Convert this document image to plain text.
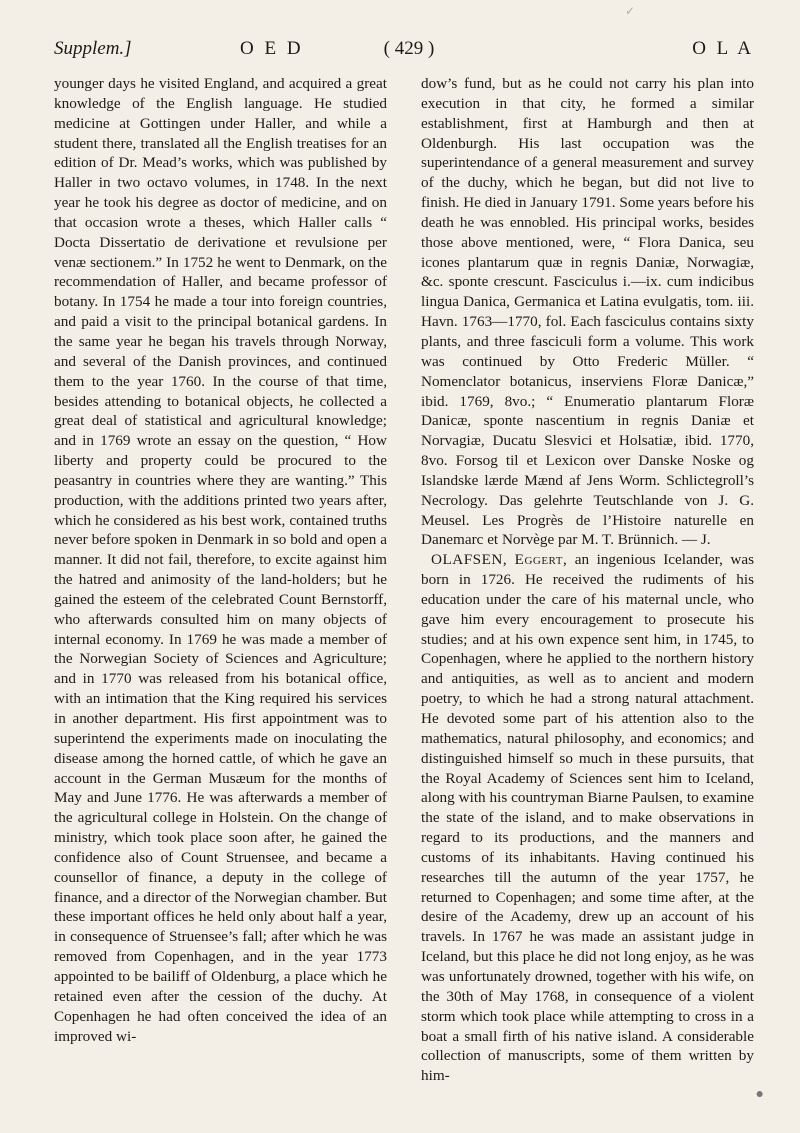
✓
Supplem.]	O E D	( 429 )	O L A

younger days he visited England, and acquired a great knowledge of the English language. He studied medicine at Gottingen under Haller, and while a student there, translated all the English treatises for an edition of Dr. Mead’s works, which was published by Haller in two octavo volumes, in 1748. In the next year he took his degree as doctor of medicine, and on that occasion wrote a theses, which Haller calls “ Docta Dissertatio de derivatione et revulsione per venæ sectionem.” In 1752 he went to Denmark, on the recommendation of Haller, and became professor of botany. In 1754 he made a tour into foreign countries, and paid a visit to the principal botanical gardens. In the same year he began his travels through Norway, and several of the Danish provinces, and continued them to the year 1760. In the course of that time, besides attending to botanical objects, he collected a great deal of statistical and agricultural knowledge; and in 1769 wrote an essay on the question, “ How liberty and property could be procured to the peasantry in countries where they are wanting.” This production, with the additions printed two years after, which he considered as his best work, contained truths never before spoken in Denmark in so bold and open a manner. It did not fail, therefore, to excite against him the hatred and animosity of the land-holders; but he gained the esteem of the celebrated Count Bernstorff, who afterwards consulted him on many objects of internal economy. In 1769 he was made a member of the Norwegian Society of Sciences and Agriculture; and in 1770 was released from his botanical office, with an intimation that the King required his services in another department. His first appointment was to superintend the experiments made on inoculating the disease among the horned cattle, of which he gave an account in the German Musæum for the months of May and June 1776. He was afterwards a member of the agricultural college in Holstein. On the change of ministry, which took place soon after, he gained the confidence also of Count Struensee, and became a counsellor of finance, a deputy in the college of finance, and a director of the Norwegian chamber. But these important offices he held only about half a year, in consequence of Struensee’s fall; after which he was removed from Copenhagen, and in the year 1773 appointed to be bailiff of Oldenburg, a place which he retained even after the cession of the duchy. At Copenhagen he had often conceived the idea of an improved wi-

dow’s fund, but as he could not carry his plan into execution in that city, he formed a similar establishment, first at Hamburgh and then at Oldenburgh. His last occupation was the superintendance of a general measurement and survey of the duchy, which he began, but did not live to finish. He died in January 1791. Some years before his death he was ennobled. His principal works, besides those above mentioned, were, “ Flora Danica, seu icones plantarum quæ in regnis Daniæ, Norwagiæ, &c. sponte crescunt. Fasciculus i.—ix. cum indicibus lingua Danica, Germanica et Latina evulgatis, tom. iii. Havn. 1763—1770, fol. Each fasciculus contains sixty plants, and three fasciculi form a volume. This work was continued by Otto Frederic Müller. “ Nomenclator botanicus, inserviens Floræ Danicæ,” ibid. 1769, 8vo.; “ Enumeratio plantarum Floræ Danicæ, sponte nascentium in regnis Daniæ et Norvagiæ, Ducatu Slesvici et Holsatiæ, ibid. 1770, 8vo. Forsog til et Lexicon over Danske Noske og Islandske lærde Mænd af Jens Worm. Schlictegroll’s Necrology. Das gelehrte Teutschlande von J. G. Meusel. Les Progrès de l’Histoire naturelle en Danemarc et Norvège par M. T. Brünnich. — J.

OLAFSEN, Eggert, an ingenious Icelander, was born in 1726. He received the rudiments of his education under the care of his maternal uncle, who gave him every encouragement to prosecute his studies; and at his own expence sent him, in 1745, to Copenhagen, where he applied to the northern history and antiquities, as well as to ancient and modern poetry, to which he had a strong natural attachment. He devoted some part of his attention also to the mathematics, natural philosophy, and economics; and distinguished himself so much in these pursuits, that the Royal Academy of Sciences sent him to Iceland, along with his countryman Biarne Paulsen, to examine the state of the island, and to make observations in regard to its productions, and the manners and customs of its inhabitants. Having continued his researches till the autumn of the year 1757, he returned to Copenhagen; and some time after, at the desire of the Academy, drew up an account of his travels. In 1767 he was made an assistant judge in Iceland, but this place he did not long enjoy, as he was was unfortunately drowned, together with his wife, on the 30th of May 1768, in consequence of a violent storm which took place while attempting to cross in a boat a small firth of his native island. A considerable collection of manuscripts, some of them written by him-

●
